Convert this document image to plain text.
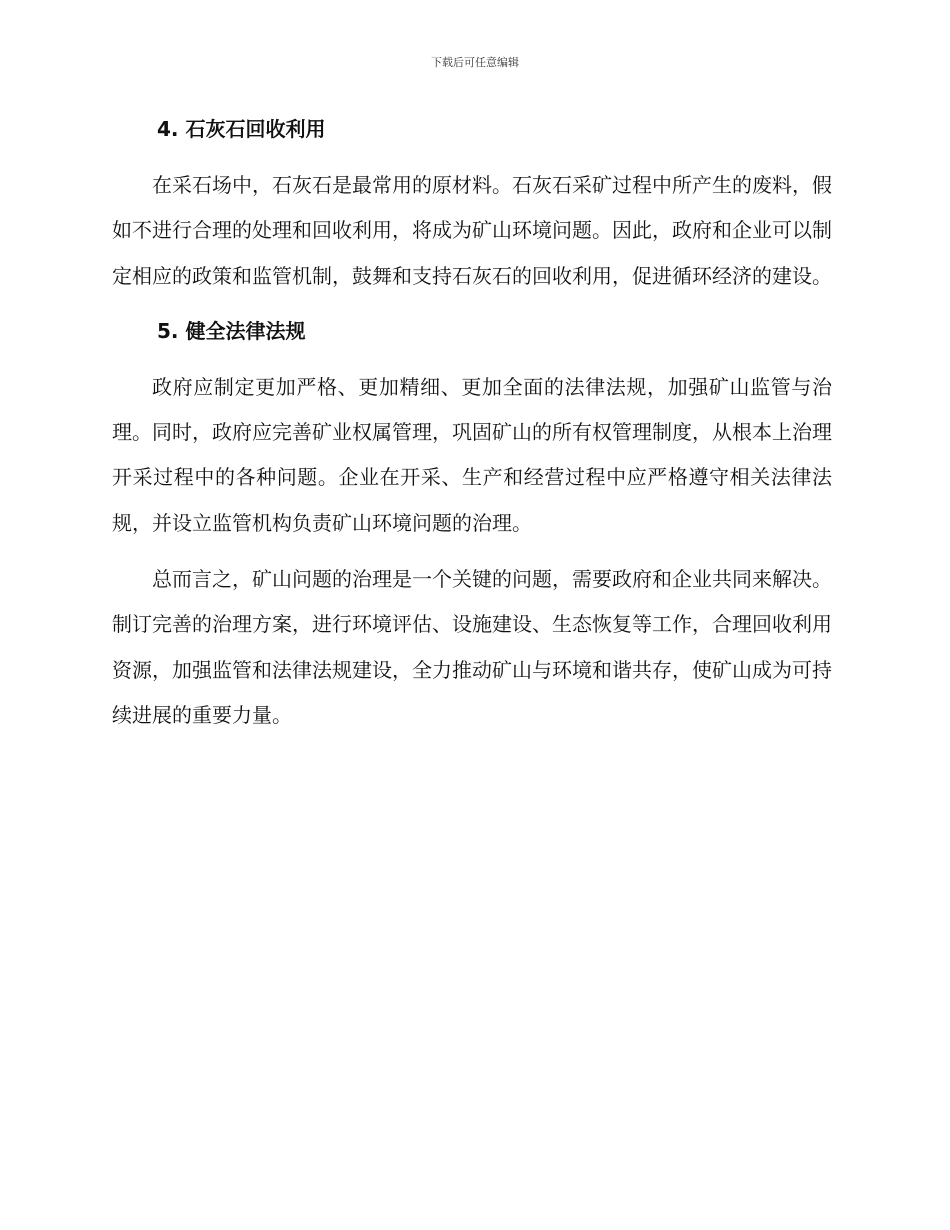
下载后可任意编辑
4. 石灰石回收利用

在采石场中，石灰石是最常用的原材料。石灰石采矿过程中所产生的废料，假如不进行合理的处理和回收利用，将成为矿山环境问题。因此，政府和企业可以制定相应的政策和监管机制，鼓舞和支持石灰石的回收利用，促进循环经济的建设。

5. 健全法律法规

政府应制定更加严格、更加精细、更加全面的法律法规，加强矿山监管与治理。同时，政府应完善矿业权属管理，巩固矿山的所有权管理制度，从根本上治理开采过程中的各种问题。企业在开采、生产和经营过程中应严格遵守相关法律法规，并设立监管机构负责矿山环境问题的治理。

总而言之，矿山问题的治理是一个关键的问题，需要政府和企业共同来解决。制订完善的治理方案，进行环境评估、设施建设、生态恢复等工作，合理回收利用资源，加强监管和法律法规建设，全力推动矿山与环境和谐共存，使矿山成为可持续进展的重要力量。
